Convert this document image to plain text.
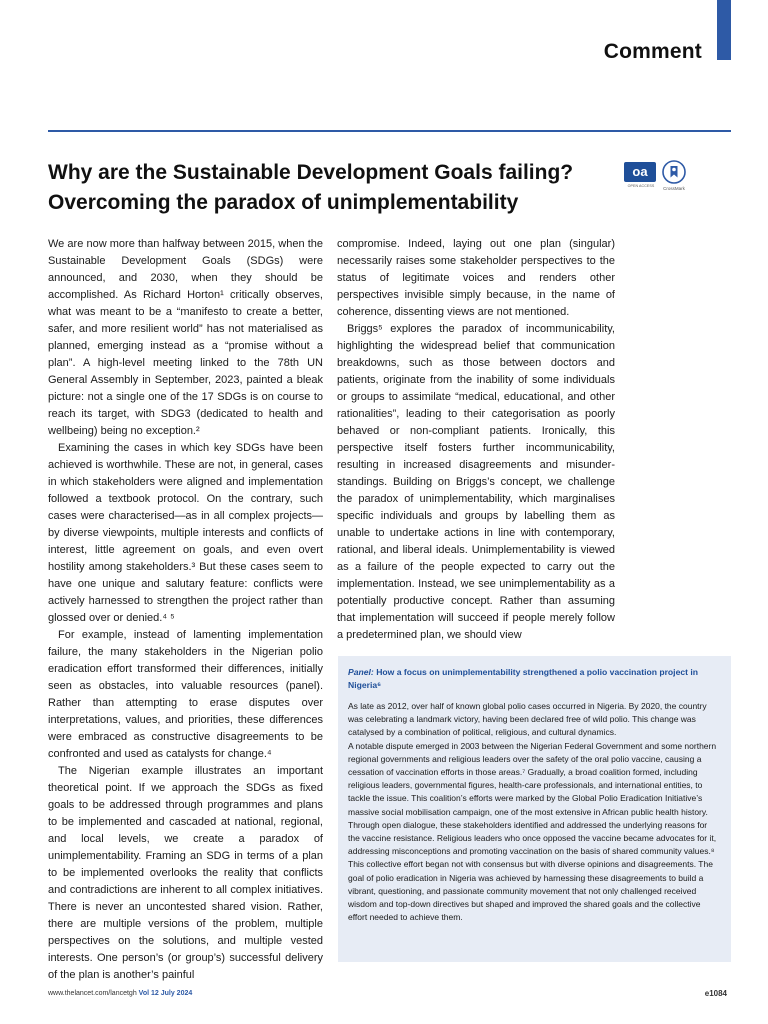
Comment
Why are the Sustainable Development Goals failing?
Overcoming the paradox of unimplementability
oa
OPEN ACCESS	CrossMark

We are now more than halfway between 2015, when the Sustainable Development Goals (SDGs) were announced, and 2030, when they should be accomplished. As Richard Horton¹ critically observes, what was meant to be a “manifesto to create a better, safer, and more resilient world” has not materialised as planned, emerging instead as a “promise without a plan”. A high-level meeting linked to the 78th UN General Assembly in September, 2023, painted a bleak picture: not a single one of the 17 SDGs is on course to reach its target, with SDG3 (dedicated to health and wellbeing) being no exception.²

Examining the cases in which key SDGs have been achieved is worthwhile. These are not, in general, cases in which stakeholders were aligned and implementation followed a textbook protocol. On the contrary, such cases were characterised—as in all complex projects—by diverse viewpoints, multiple interests and conflicts of interest, little agreement on goals, and even overt hostility among stakeholders.³ But these cases seem to have one unique and salutary feature: conflicts were actively harnessed to strengthen the project rather than glossed over or denied.⁴ ⁵

For example, instead of lamenting implementation failure, the many stakeholders in the Nigerian polio eradication effort transformed their differences, initially seen as obstacles, into valuable resources (panel). Rather than attempting to erase disputes over interpretations, values, and priorities, these differences were embraced as constructive disagreements to be confronted and used as catalysts for change.⁴

The Nigerian example illustrates an important theoretical point. If we approach the SDGs as fixed goals to be addressed through programmes and plans to be implemented and cascaded at national, regional, and local levels, we create a paradox of unimplementability. Framing an SDG in terms of a plan to be implemented overlooks the reality that conflicts and contradictions are inherent to all complex initiatives. There is never an uncontested shared vision. Rather, there are multiple versions of the problem, multiple perspectives on the solutions, and multiple vested interests. One person’s (or group’s) successful delivery of the plan is another’s painful

compromise. Indeed, laying out one plan (singular) necessarily raises some stakeholder perspectives to the status of legitimate voices and renders other perspectives invisible simply because, in the name of coherence, dissenting views are not mentioned.

Briggs⁵ explores the paradox of incommunicability, highlighting the widespread belief that communication breakdowns, such as those between doctors and patients, originate from the inability of some individuals or groups to assimilate “medical, educational, and other rationalities”, leading to their categorisation as poorly behaved or non-compliant patients. Ironically, this perspective itself fosters further incommunicability, resulting in increased disagreements and misunderstandings. Building on Briggs’s concept, we challenge the paradox of unimplementability, which marginalises specific individuals and groups by labelling them as unable to undertake actions in line with contemporary, rational, and liberal ideals. Unimplementability is viewed as a failure of the people expected to carry out the implementation. Instead, we see unimplementability as a potentially productive concept. Rather than assuming that implementation will succeed if people merely follow a predetermined plan, we should view

Panel: How a focus on unimplementability strengthened a polio vaccination project in Nigeria⁶

As late as 2012, over half of known global polio cases occurred in Nigeria. By 2020, the country was celebrating a landmark victory, having been declared free of wild polio. This change was catalysed by a combination of political, religious, and cultural dynamics.

A notable dispute emerged in 2003 between the Nigerian Federal Government and some northern regional governments and religious leaders over the safety of the oral polio vaccine, causing a cessation of vaccination efforts in those areas.⁷ Gradually, a broad coalition formed, including religious leaders, governmental figures, health-care professionals, and international entities, to tackle the issue. This coalition’s efforts were marked by the Global Polio Eradication Initiative’s massive social mobilisation campaign, one of the most extensive in African public health history. Through open dialogue, these stakeholders identified and addressed the underlying reasons for the vaccine resistance. Religious leaders who once opposed the vaccine became advocates for it, addressing misconceptions and promoting vaccination on the basis of shared community values.⁸ This collective effort began not with consensus but with diverse opinions and disagreements. The goal of polio eradication in Nigeria was achieved by harnessing these disagreements to build a vibrant, questioning, and passionate community movement that not only challenged received wisdom and top-down directives but shaped and improved the shared goals and the collective effort needed to achieve them.

www.thelancet.com/lancetgh Vol 12 July 2024	e1084
